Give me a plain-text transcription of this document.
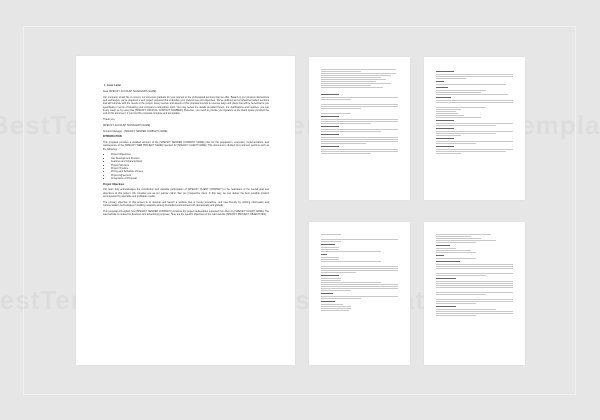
1. Cover Letter

Dear [SPECIFY ACCOUNT MANAGER'S NAME],

Our company would like to convey our sincerest gratitude for your interest in the professional services that we offer. Based on our previous discussions and exchanges, we've prepared a web project proposal that embodies your preferences and objectives. We've outlined and emphasized salient sections that will coincide with the needs of the project. Every section and aspect of this proposal intends to execute ways and plans that will be beneficial to you specifically in terms of boosting your company's competitive spirit. You may review the details provided herein. For clarifications and inquiries, you can freely reach us by using this [SPECIFY OFFICIAL CONTACT NUMBER]. Moreover, you need to provide you signature at the blank space provided the end of this document, if you find this proposal complete and acceptable.

Thank you,

[SPECIFY ACCOUNT MANAGER'S NAME]

Account Manager - [SPECIFY SENDER COMPANY NAME]

INTRODUCTION

This proposal provides a detailed account of the [SPECIFY SENDER COMPANY NAME] plan for the preparation, execution, implementation, and maintenance of the [SPECIFY WEB PROJECT NAME] intended for [SPECIFY CLIENT NAME]. This document is divided into pertinent sections such as the following:

• Project Objectives
• Our Development Process
• Features and Characteristics
• Project Structure
• Project Timeline
• Pricing and Schedule of Fees
• Project Agreement
• Acceptance of Proposal
Project Objectives

Our team duly acknowledges the contribution and valuable participation of [SPECIFY CLIENT COMPANY] in the realization of the overall goal and objectives of this project. We consider you as our partner rather than our prospective client. In this way, we can deliver the best possible product accompanied by favorable and profitable results.

The primary objective of this project is to develop and launch a website that is trendy, interactive, and user-friendly by utilizing information and communication technologies in building networks among diversified communities both domestically and globally.

This proposal will explain how [SPECIFY SENDER COMPANY] conducts the project deliverables expected from them by [SPECIFY CLIENT NAME]. The said website is created for business and advertising purposes. Here are the specific objectives of the said website [SPECIFY PROJECT OBJECTIVES]:
